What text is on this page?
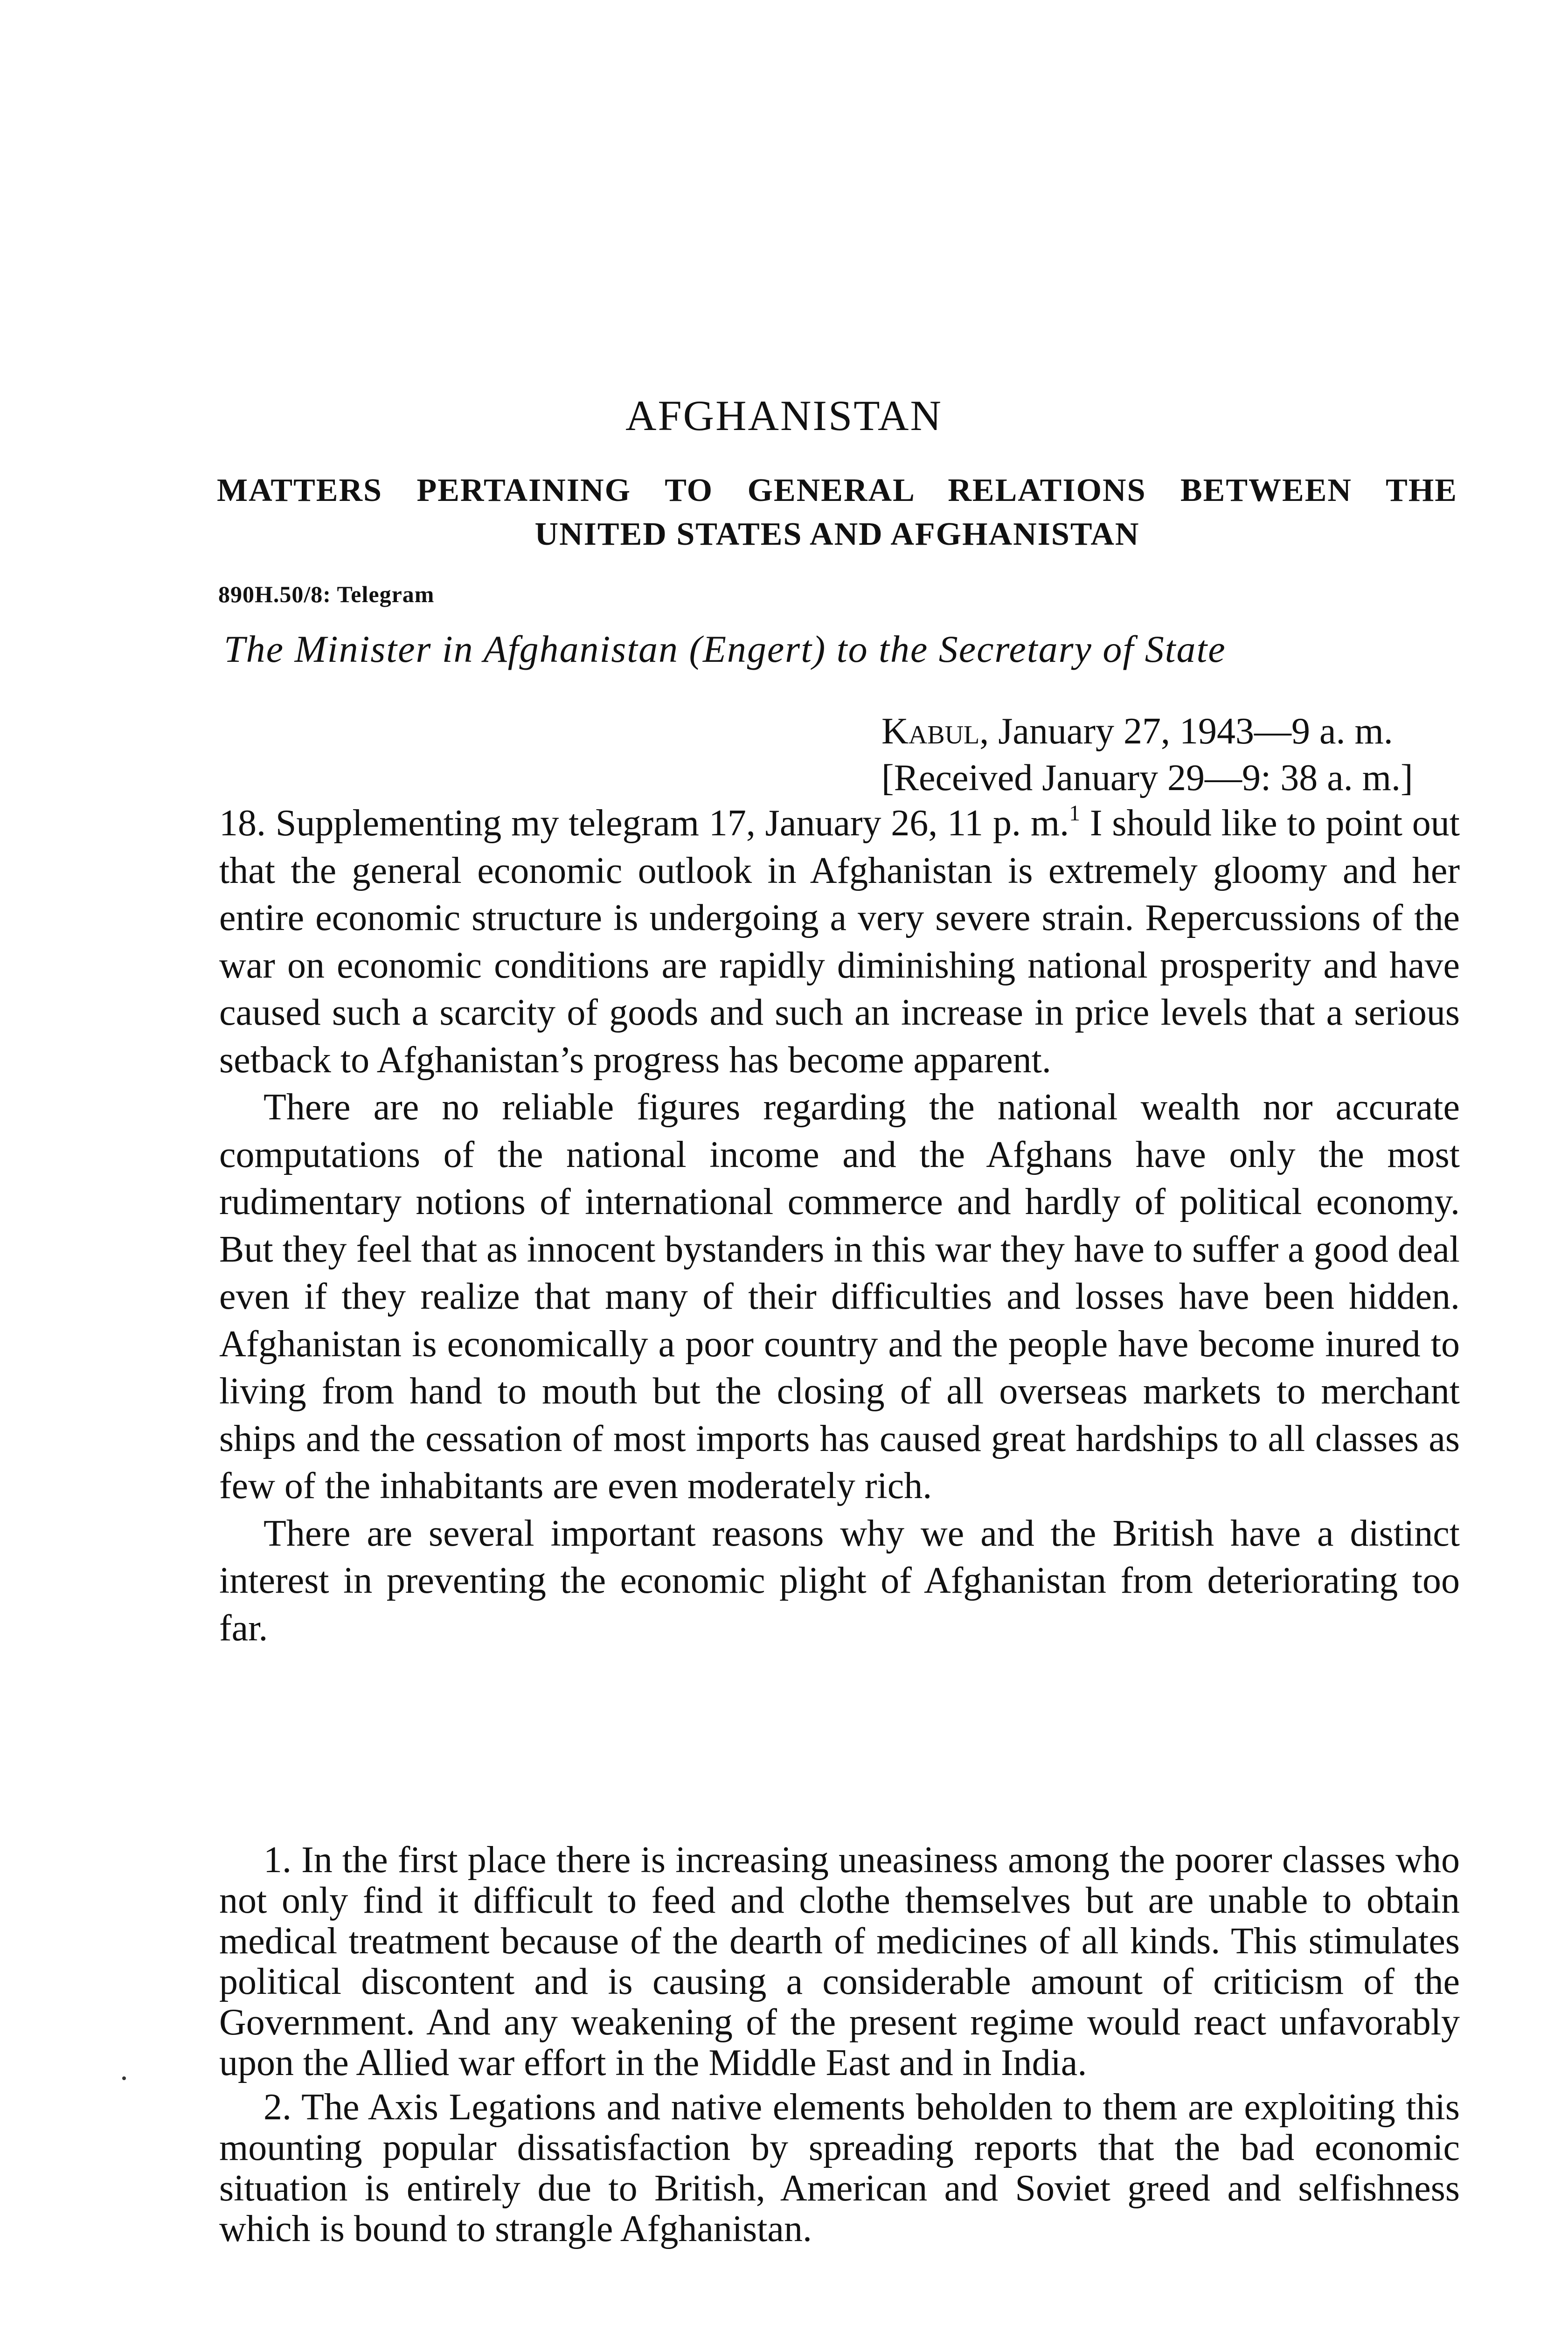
AFGHANISTAN
MATTERS PERTAINING TO GENERAL RELATIONS BETWEEN THE
UNITED STATES AND AFGHANISTAN
890H.50/8: Telegram
The Minister in Afghanistan (Engert) to the Secretary of State
Kabul, January 27, 1943—9 a. m.
[Received January 29—9: 38 a. m.]

18. Supplementing my telegram 17, January 26, 11 p. m.$^1$ I should like to point out that the general economic outlook in Afghanistan is extremely gloomy and her entire economic structure is undergoing a very severe strain. Repercussions of the war on economic conditions are rapidly diminishing national prosperity and have caused such a scarcity of goods and such an increase in price levels that a serious setback to Afghanistan’s progress has become apparent.

There are no reliable figures regarding the national wealth nor accurate computations of the national income and the Afghans have only the most rudimentary notions of international commerce and hardly of political economy. But they feel that as innocent bystanders in this war they have to suffer a good deal even if they realize that many of their difficulties and losses have been hidden. Afghanistan is economically a poor country and the people have become inured to living from hand to mouth but the closing of all overseas markets to merchant ships and the cessation of most imports has caused great hardships to all classes as few of the inhabitants are even moderately rich.

There are several important reasons why we and the British have a distinct interest in preventing the economic plight of Afghanistan from deteriorating too far.

1. In the first place there is increasing uneasiness among the poorer classes who not only find it difficult to feed and clothe themselves but are unable to obtain medical treatment because of the dearth of medicines of all kinds. This stimulates political discontent and is causing a considerable amount of criticism of the Government. And any weakening of the present regime would react unfavorably upon the Allied war effort in the Middle East and in India.

2. The Axis Legations and native elements beholden to them are exploiting this mounting popular dissatisfaction by spreading reports that the bad economic situation is entirely due to British, American and Soviet greed and selfishness which is bound to strangle Afghanistan.
